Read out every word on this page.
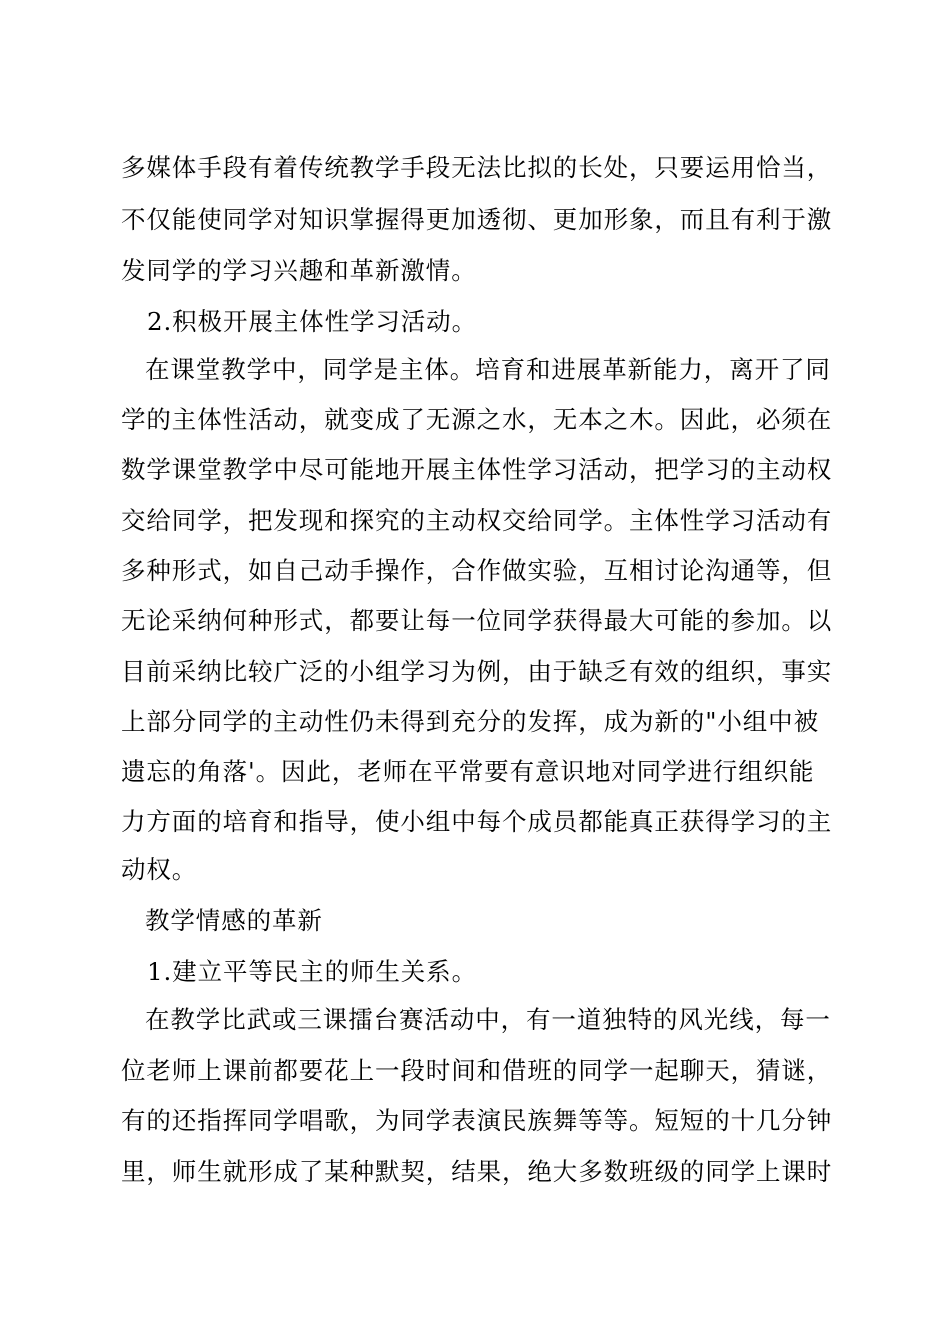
多媒体手段有着传统教学手段无法比拟的长处，只要运用恰当，
不仅能使同学对知识掌握得更加透彻、更加形象，而且有利于激
发同学的学习兴趣和革新激情。
2.积极开展主体性学习活动。
在课堂教学中，同学是主体。培育和进展革新能力，离开了同
学的主体性活动，就变成了无源之水，无本之木。因此，必须在
数学课堂教学中尽可能地开展主体性学习活动，把学习的主动权
交给同学，把发现和探究的主动权交给同学。主体性学习活动有
多种形式，如自己动手操作，合作做实验，互相讨论沟通等，但
无论采纳何种形式，都要让每一位同学获得最大可能的参加。以
目前采纳比较广泛的小组学习为例，由于缺乏有效的组织，事实
上部分同学的主动性仍未得到充分的发挥，成为新的"小组中被
遗忘的角落'。因此，老师在平常要有意识地对同学进行组织能
力方面的培育和指导，使小组中每个成员都能真正获得学习的主
动权。
教学情感的革新
1.建立平等民主的师生关系。
在教学比武或三课擂台赛活动中，有一道独特的风光线，每一
位老师上课前都要花上一段时间和借班的同学一起聊天，猜谜，
有的还指挥同学唱歌，为同学表演民族舞等等。短短的十几分钟
里，师生就形成了某种默契，结果，绝大多数班级的同学上课时
